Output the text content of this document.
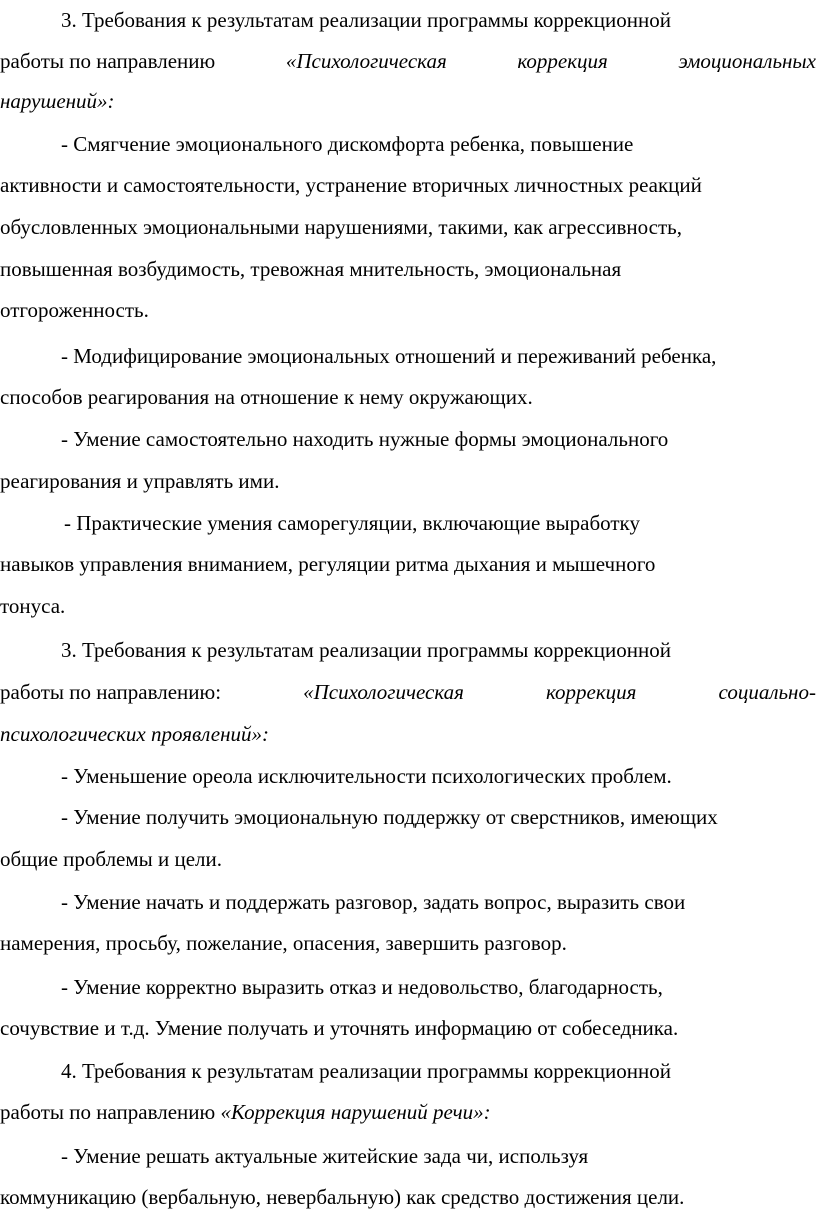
3. Требования к результатам реализации программы коррекционной
работы по направлению	«Психологическая	коррекция	эмоциональных
нарушений»:
- Смягчение эмоционального дискомфорта ребенка, повышение
активности и самостоятельности, устранение вторичных личностных реакций
обусловленных эмоциональными нарушениями, такими, как агрессивность,
повышенная возбудимость, тревожная мнительность, эмоциональная
отгороженность.
- Модифицирование эмоциональных отношений и переживаний ребенка,
способов реагирования на отношение к нему окружающих.
- Умение самостоятельно находить нужные формы эмоционального
реагирования и управлять ими.
- Практические умения саморегуляции, включающие выработку
навыков управления вниманием, регуляции ритма дыхания и мышечного
тонуса.
3. Требования к результатам реализации программы коррекционной
работы по направлению:	«Психологическая	коррекция	социально-
психологических проявлений»:
- Уменьшение ореола исключительности психологических проблем.
- Умение получить эмоциональную поддержку от сверстников, имеющих
общие проблемы и цели.
- Умение начать и поддержать разговор, задать вопрос, выразить свои
намерения, просьбу, пожелание, опасения, завершить разговор.
- Умение корректно выразить отказ и недовольство, благодарность,
сочувствие и т.д. Умение получать и уточнять информацию от собеседника.
4. Требования к результатам реализации программы коррекционной
работы по направлению «Коррекция нарушений речи»:
- Умение решать актуальные житейские зада чи, используя
коммуникацию (вербальную, невербальную) как средство достижения цели.
